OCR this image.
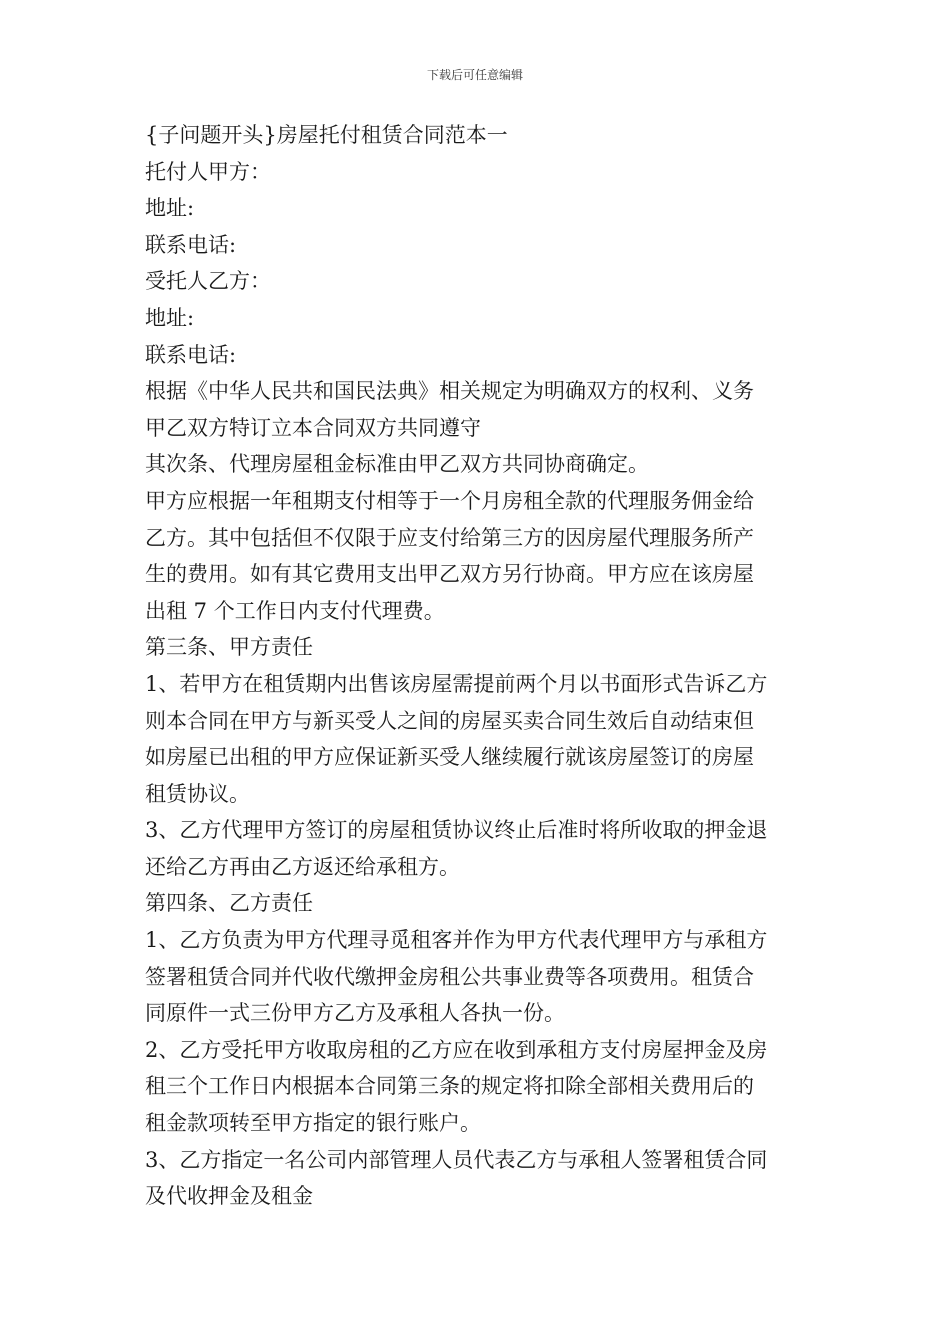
下载后可任意编辑
{子问题开头}房屋托付租赁合同范本一
托付人甲方：
地址:
联系电话:
受托人乙方：
地址:
联系电话:
根据《中华人民共和国民法典》相关规定为明确双方的权利、义务
甲乙双方特订立本合同双方共同遵守
其次条、代理房屋租金标准由甲乙双方共同协商确定。
甲方应根据一年租期支付相等于一个月房租全款的代理服务佣金给
乙方。其中包括但不仅限于应支付给第三方的因房屋代理服务所产
生的费用。如有其它费用支出甲乙双方另行协商。甲方应在该房屋
出租 7 个工作日内支付代理费。
第三条、甲方责任
1、若甲方在租赁期内出售该房屋需提前两个月以书面形式告诉乙方
则本合同在甲方与新买受人之间的房屋买卖合同生效后自动结束但
如房屋已出租的甲方应保证新买受人继续履行就该房屋签订的房屋
租赁协议。
3、乙方代理甲方签订的房屋租赁协议终止后准时将所收取的押金退
还给乙方再由乙方返还给承租方。
第四条、乙方责任
1、乙方负责为甲方代理寻觅租客并作为甲方代表代理甲方与承租方
签署租赁合同并代收代缴押金房租公共事业费等各项费用。租赁合
同原件一式三份甲方乙方及承租人各执一份。
2、乙方受托甲方收取房租的乙方应在收到承租方支付房屋押金及房
租三个工作日内根据本合同第三条的规定将扣除全部相关费用后的
租金款项转至甲方指定的银行账户。
3、乙方指定一名公司内部管理人员代表乙方与承租人签署租赁合同
及代收押金及租金
